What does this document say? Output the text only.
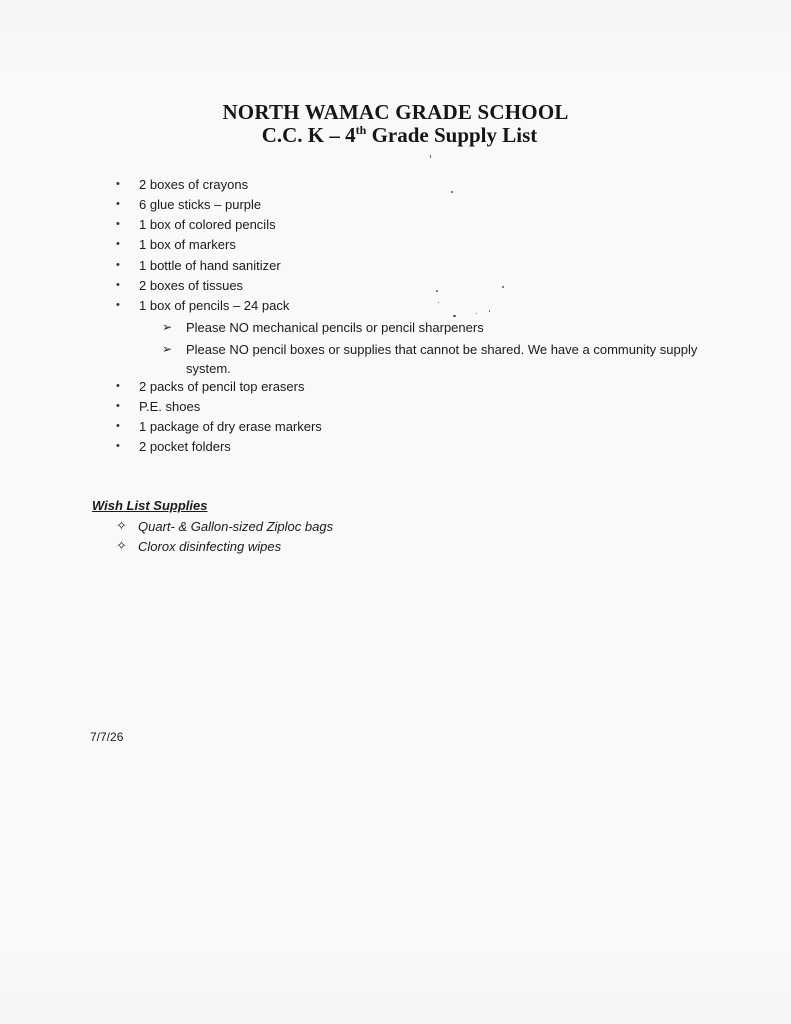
NORTH WAMAC GRADE SCHOOL
C.C. K – 4th Grade Supply List
• 2 boxes of crayons
• 6 glue sticks – purple
• 1 box of colored pencils
• 1 box of markers
• 1 bottle of hand sanitizer
• 2 boxes of tissues
• 1 box of pencils – 24 pack
➢ Please NO mechanical pencils or pencil sharpeners
➢ Please NO pencil boxes or supplies that cannot be shared. We have a community supply system.
• 2 packs of pencil top erasers
• P.E. shoes
• 1 package of dry erase markers
• 2 pocket folders
Wish List Supplies
✧ Quart- & Gallon-sized Ziploc bags
✧ Clorox disinfecting wipes
7/7/26
